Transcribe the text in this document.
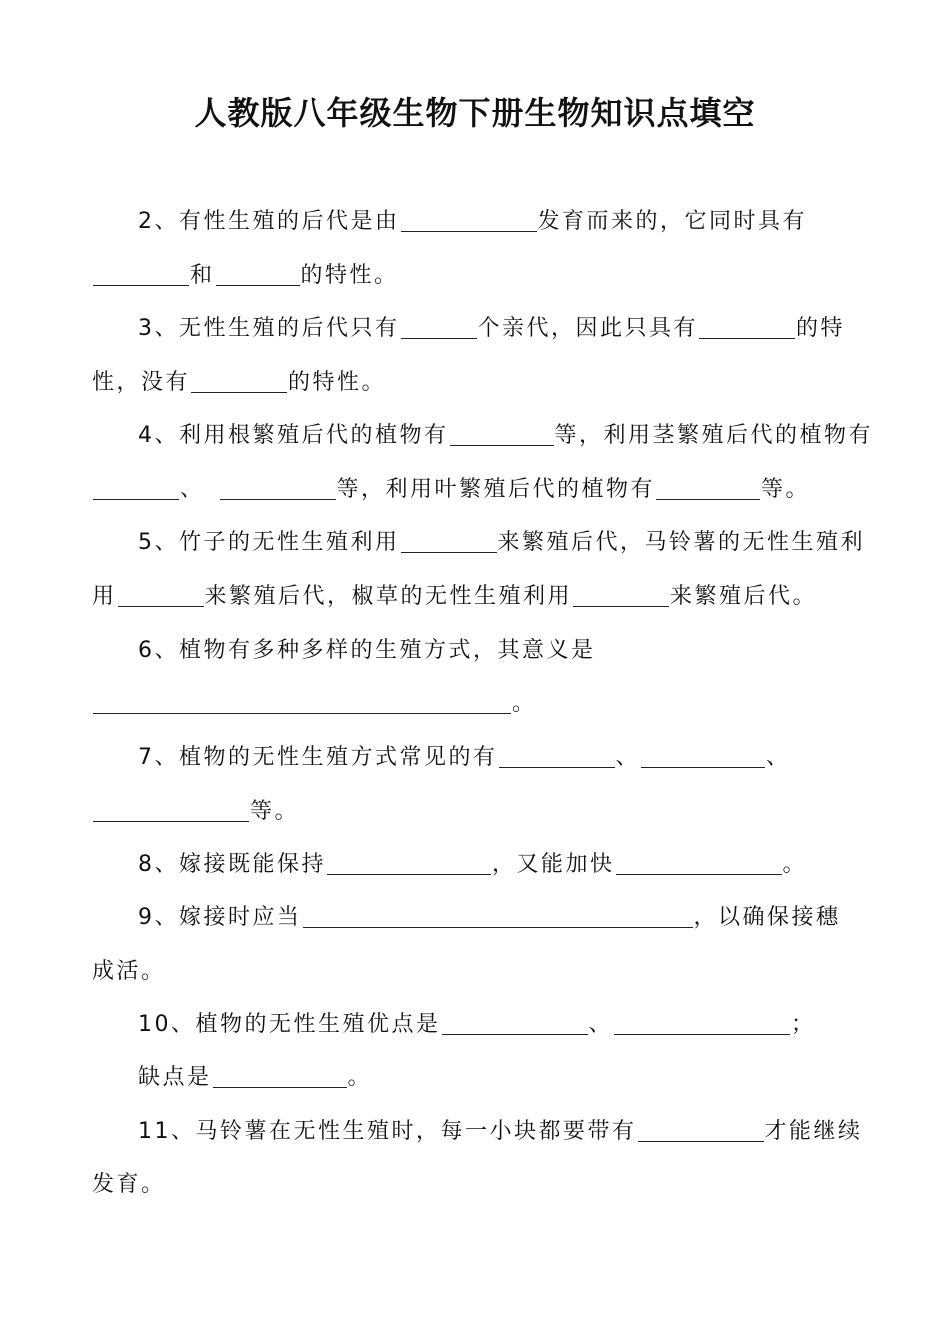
人教版八年级生物下册生物知识点填空
2、有性生殖的后代是由	发育而来的，它同时具有
和	的特性。
3、无性生殖的后代只有	个亲代，因此只具有	的特
性，没有	的特性。
4、利用根繁殖后代的植物有	等，利用茎繁殖后代的植物有
、	等，利用叶繁殖后代的植物有	等。
5、竹子的无性生殖利用	来繁殖后代，马铃薯的无性生殖利
用	来繁殖后代，椒草的无性生殖利用	来繁殖后代。
6、植物有多种多样的生殖方式，其意义是
。
7、植物的无性生殖方式常见的有	、	、
等。
8、嫁接既能保持	，又能加快	。
9、嫁接时应当	，以确保接穗
成活。
10、植物的无性生殖优点是	、	；
缺点是	。
11、马铃薯在无性生殖时，每一小块都要带有	才能继续
发育。
